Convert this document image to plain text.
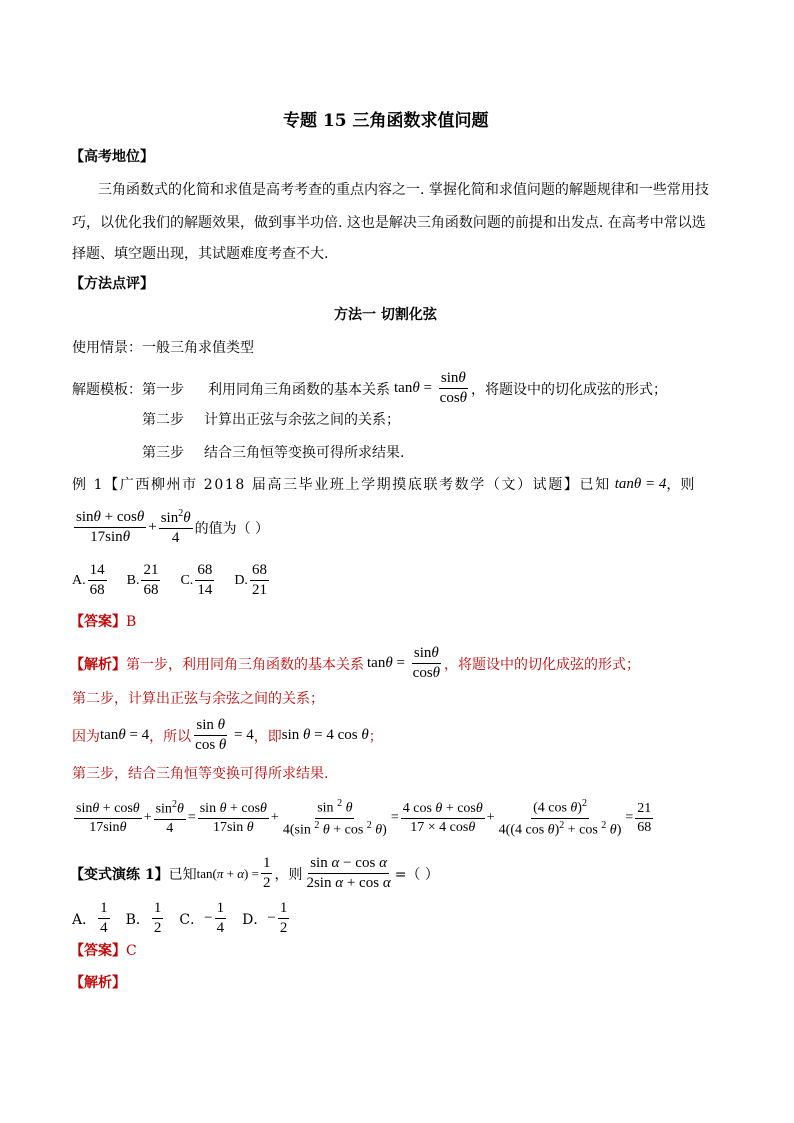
专题 15 三角函数求值问题
【高考地位】
三角函数式的化简和求值是高考考查的重点内容之一. 掌握化简和求值问题的解题规律和一些常用技
巧，以优化我们的解题效果，做到事半功倍. 这也是解决三角函数问题的前提和出发点. 在高考中常以选
择题、填空题出现，其试题难度考查不大.
【方法点评】
方法一 切割化弦
使用情景：一般三角求值类型
解题模板：第一步 利用同角三角函数的基本关系 $\tan\theta = \frac{\sin\theta}{\cos\theta}$ ，将题设中的切化成弦的形式；
第二步 计算出正弦与余弦之间的关系；
第三步 结合三角恒等变换可得所求结果.
例 1【广西柳州市 2018 届高三毕业班上学期摸底联考数学（文）试题】已知 tanθ = 4 ，则
$\frac{\sin\theta + \cos\theta}{17\sin\theta} + \frac{\sin^2\theta}{4}$ 的值为（ ）
A. $\frac{14}{68} B$. $\frac{21}{68} C$. $\frac{68}{14} D$. $\frac{68}{21}$
【答案】B
【解析】 第一步，利用同角三角函数的基本关系 $\tan\theta = \frac{\sin\theta}{\cos\theta}$ ，将题设中的切化成弦的形式；
第二步，计算出正弦与余弦之间的关系；
因为 tanθ = 4 ，所以 $\frac{\text{sin θ}}{\text{cos θ}} = 4$ ，即 sin θ = 4 cos θ ；
第三步，结合三角恒等变换可得所求结果.
$\frac{\sin\theta + \cos\theta}{17\sin\theta} + \frac{\sin^2\theta}{4} = \frac{\text{sin θ + cosθ}}{\text{17sin θ}} + \frac{\sin ^2 \theta}{4(\sin ^2 \theta + \cos ^2 \theta)} = \frac{\text{4 cos θ + cosθ}}{17 \times 4 \cos\theta} + \frac{(4 \cos \theta)^2}{4((4 \cos \theta)^2 + \cos ^2 \theta)} = \frac{21}{68}$
【变式演练 1】 已知 $\tan(\pi + \alpha) = \frac{1}{2}$ ，则 $\frac{\text{sin α − cos α}}{\text{2sin α + cos α}}$ =（ ）
A． $\frac{1}{4}$ B． $\frac{1}{2}$ C． − $\frac{1}{4}$ D． − $\frac{1}{2}$
【答案】C
【解析】
